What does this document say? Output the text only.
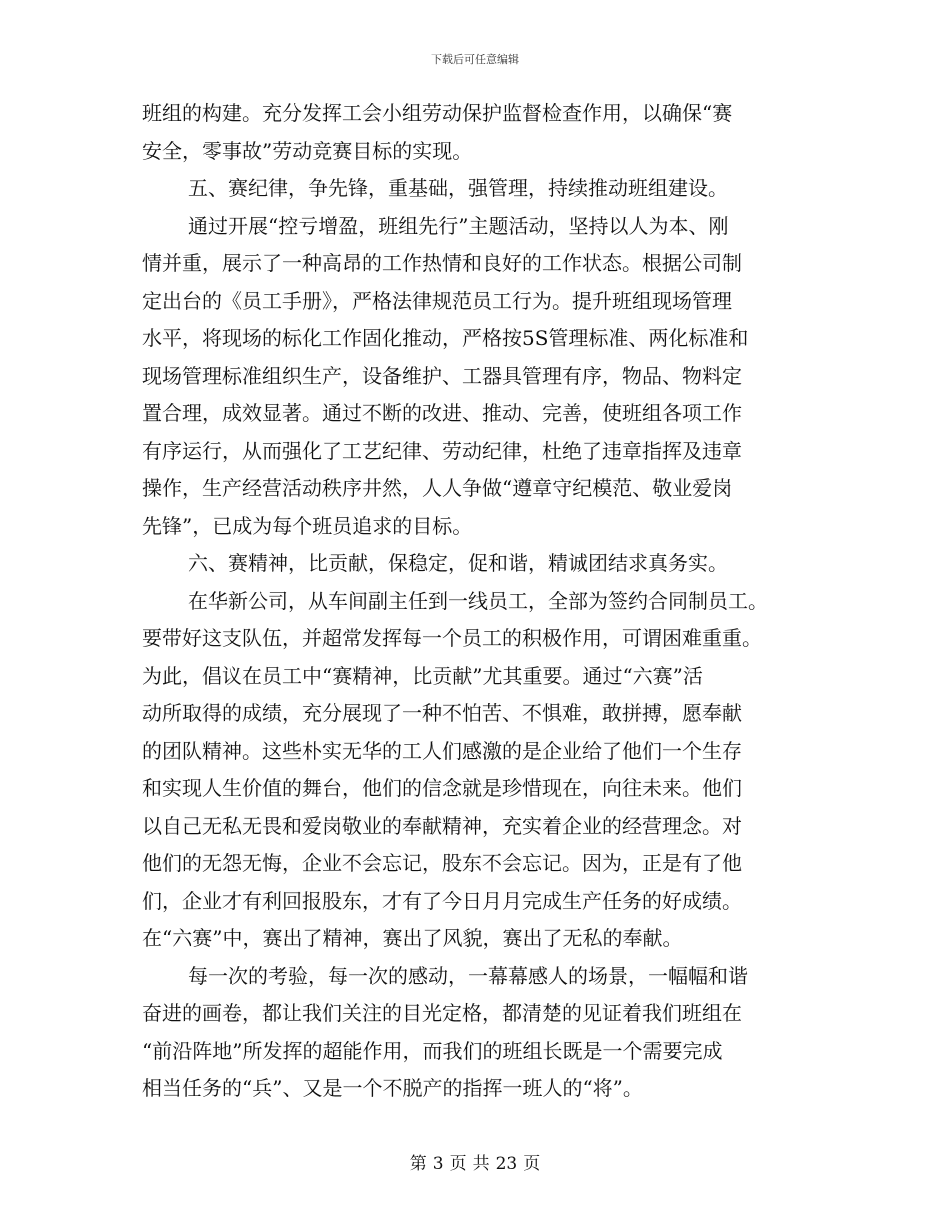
下载后可任意编辑
班组的构建。充分发挥工会小组劳动保护监督检查作用，以确保“赛
安全，零事故”劳动竞赛目标的实现。
五、赛纪律，争先锋，重基础，强管理，持续推动班组建设。
通过开展“控亏增盈，班组先行”主题活动，坚持以人为本、刚
情并重，展示了一种高昂的工作热情和良好的工作状态。根据公司制
定出台的《员工手册》，严格法律规范员工行为。提升班组现场管理
水平，将现场的标化工作固化推动，严格按5S管理标准、两化标准和
现场管理标准组织生产，设备维护、工器具管理有序，物品、物料定
置合理，成效显著。通过不断的改进、推动、完善，使班组各项工作
有序运行，从而强化了工艺纪律、劳动纪律，杜绝了违章指挥及违章
操作，生产经营活动秩序井然，人人争做“遵章守纪模范、敬业爱岗
先锋”，已成为每个班员追求的目标。
六、赛精神，比贡献，保稳定，促和谐，精诚团结求真务实。
在华新公司，从车间副主任到一线员工，全部为签约合同制员工。
要带好这支队伍，并超常发挥每一个员工的积极作用，可谓困难重重。
为此，倡议在员工中“赛精神，比贡献”尤其重要。通过“六赛”活
动所取得的成绩，充分展现了一种不怕苦、不惧难，敢拼搏，愿奉献
的团队精神。这些朴实无华的工人们感激的是企业给了他们一个生存
和实现人生价值的舞台，他们的信念就是珍惜现在，向往未来。他们
以自己无私无畏和爱岗敬业的奉献精神，充实着企业的经营理念。对
他们的无怨无悔，企业不会忘记，股东不会忘记。因为，正是有了他
们，企业才有利回报股东，才有了今日月月完成生产任务的好成绩。
在“六赛”中，赛出了精神，赛出了风貌，赛出了无私的奉献。
每一次的考验，每一次的感动，一幕幕感人的场景，一幅幅和谐
奋进的画卷，都让我们关注的目光定格，都清楚的见证着我们班组在
“前沿阵地”所发挥的超能作用，而我们的班组长既是一个需要完成
相当任务的“兵”、又是一个不脱产的指挥一班人的“将”。
第 3 页 共 23 页
